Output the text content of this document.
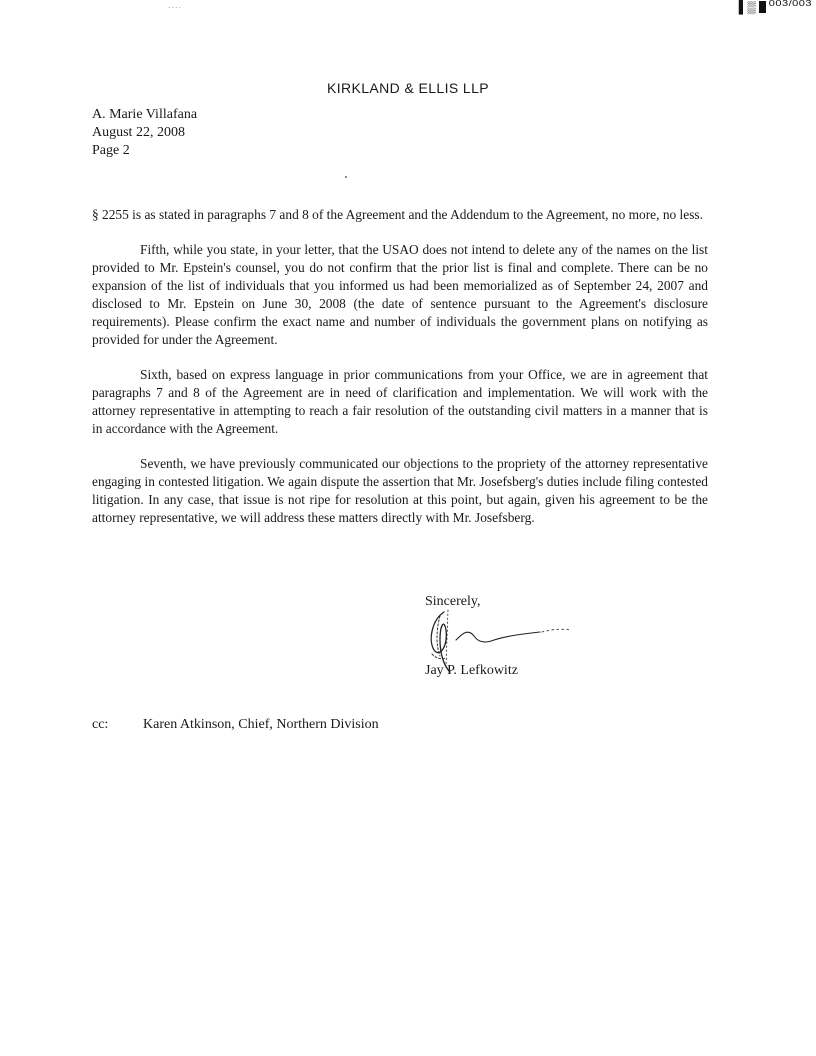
....	▌▒ 003/003
KIRKLAND & ELLIS LLP
A. Marie Villafana
August 22, 2008
Page 2

§ 2255 is as stated in paragraphs 7 and 8 of the Agreement and the Addendum to the Agreement, no more, no less.

Fifth, while you state, in your letter, that the USAO does not intend to delete any of the names on the list provided to Mr. Epstein's counsel, you do not confirm that the prior list is final and complete. There can be no expansion of the list of individuals that you informed us had been memorialized as of September 24, 2007 and disclosed to Mr. Epstein on June 30, 2008 (the date of sentence pursuant to the Agreement's disclosure requirements). Please confirm the exact name and number of individuals the government plans on notifying as provided for under the Agreement.

Sixth, based on express language in prior communications from your Office, we are in agreement that paragraphs 7 and 8 of the Agreement are in need of clarification and implementation. We will work with the attorney representative in attempting to reach a fair resolution of the outstanding civil matters in a manner that is in accordance with the Agreement.

Seventh, we have previously communicated our objections to the propriety of the attorney representative engaging in contested litigation. We again dispute the assertion that Mr. Josefsberg's duties include filing contested litigation. In any case, that issue is not ripe for resolution at this point, but again, given his agreement to be the attorney representative, we will address these matters directly with Mr. Josefsberg.

Sincerely,
Jay P. Lefkowitz
cc: Karen Atkinson, Chief, Northern Division
